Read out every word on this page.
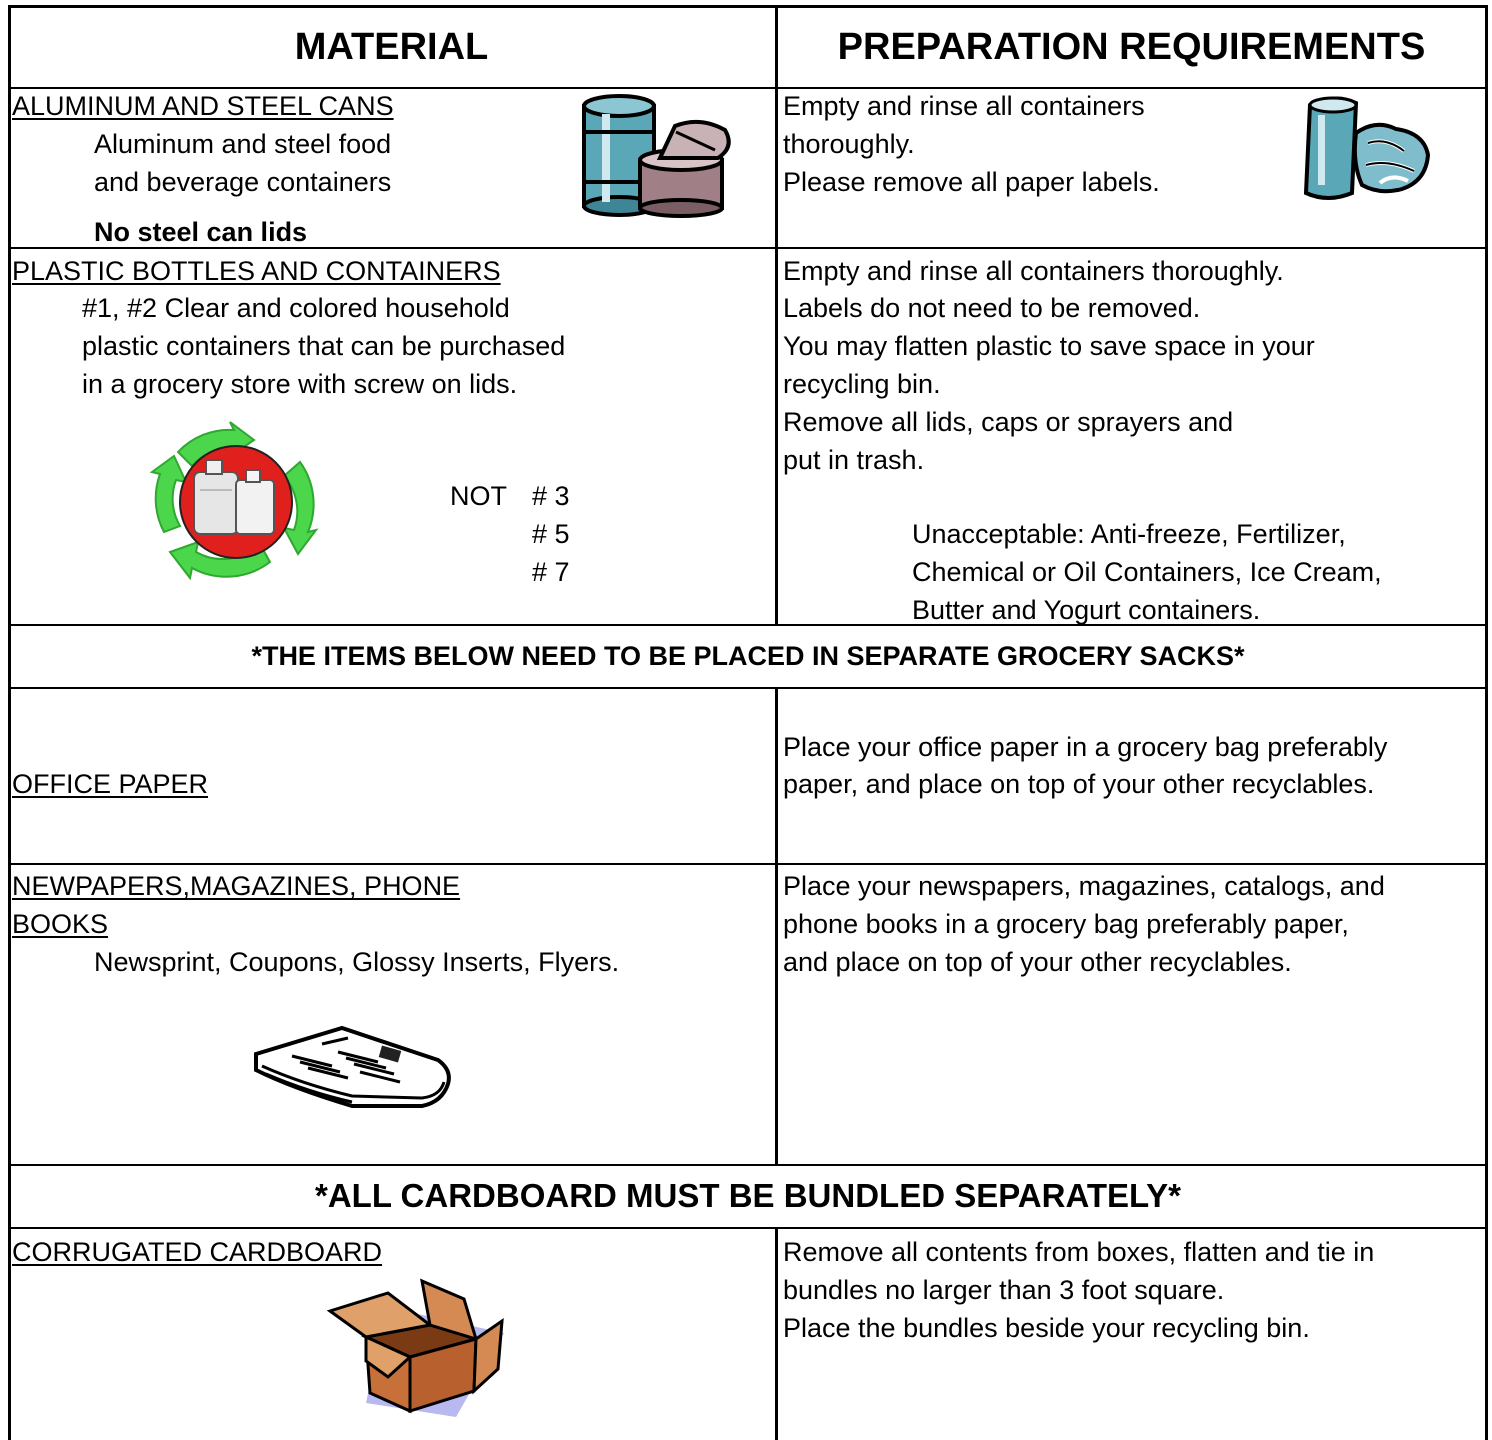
MATERIAL	PREPARATION REQUIREMENTS
ALUMINUM AND STEEL CANS
Aluminum and steel food
and beverage containers
No steel can lids
Empty and rinse all containers
thoroughly.
Please remove all paper labels.
PLASTIC BOTTLES AND CONTAINERS
#1, #2 Clear and colored household
plastic containers that can be purchased
in a grocery store with screw on lids.
NOT # 3
# 5
# 7
Empty and rinse all containers thoroughly.
Labels do not need to be removed.
You may flatten plastic to save space in your
recycling bin.
Remove all lids, caps or sprayers and
put in trash.
Unacceptable: Anti-freeze, Fertilizer,
Chemical or Oil Containers, Ice Cream,
Butter and Yogurt containers.
*THE ITEMS BELOW NEED TO BE PLACED IN SEPARATE GROCERY SACKS*
OFFICE PAPER
Place your office paper in a grocery bag preferably
paper, and place on top of your other recyclables.
NEWPAPERS,MAGAZINES, PHONE
BOOKS
Newsprint, Coupons, Glossy Inserts, Flyers.
Place your newspapers, magazines, catalogs, and
phone books in a grocery bag preferably paper,
and place on top of your other recyclables.
*ALL CARDBOARD MUST BE BUNDLED SEPARATELY*
CORRUGATED CARDBOARD	Remove all contents from boxes, flatten and tie in
bundles no larger than 3 foot square.
Place the bundles beside your recycling bin.
